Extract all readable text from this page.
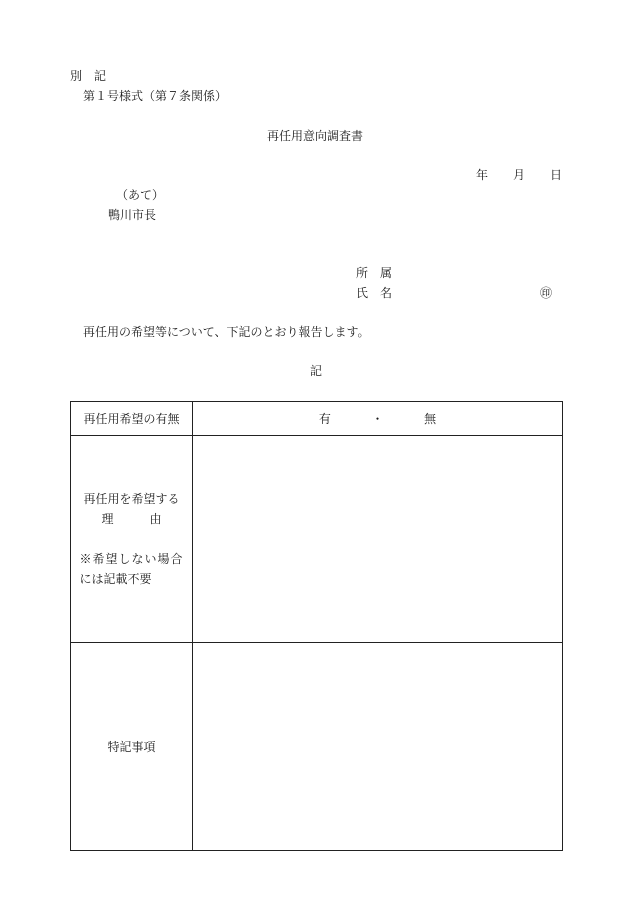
別　記
第１号様式（第７条関係）
再任用意向調査書
年 月 日
（あて）
鴨川市長
所　属
氏　名	㊞
再任用の希望等について、下記のとおり報告します。
記
再任用希望の有無	有 ・ 無

再任用を希望する
理　　　由
※希望しない場合
には記載不要	

特記事項	
